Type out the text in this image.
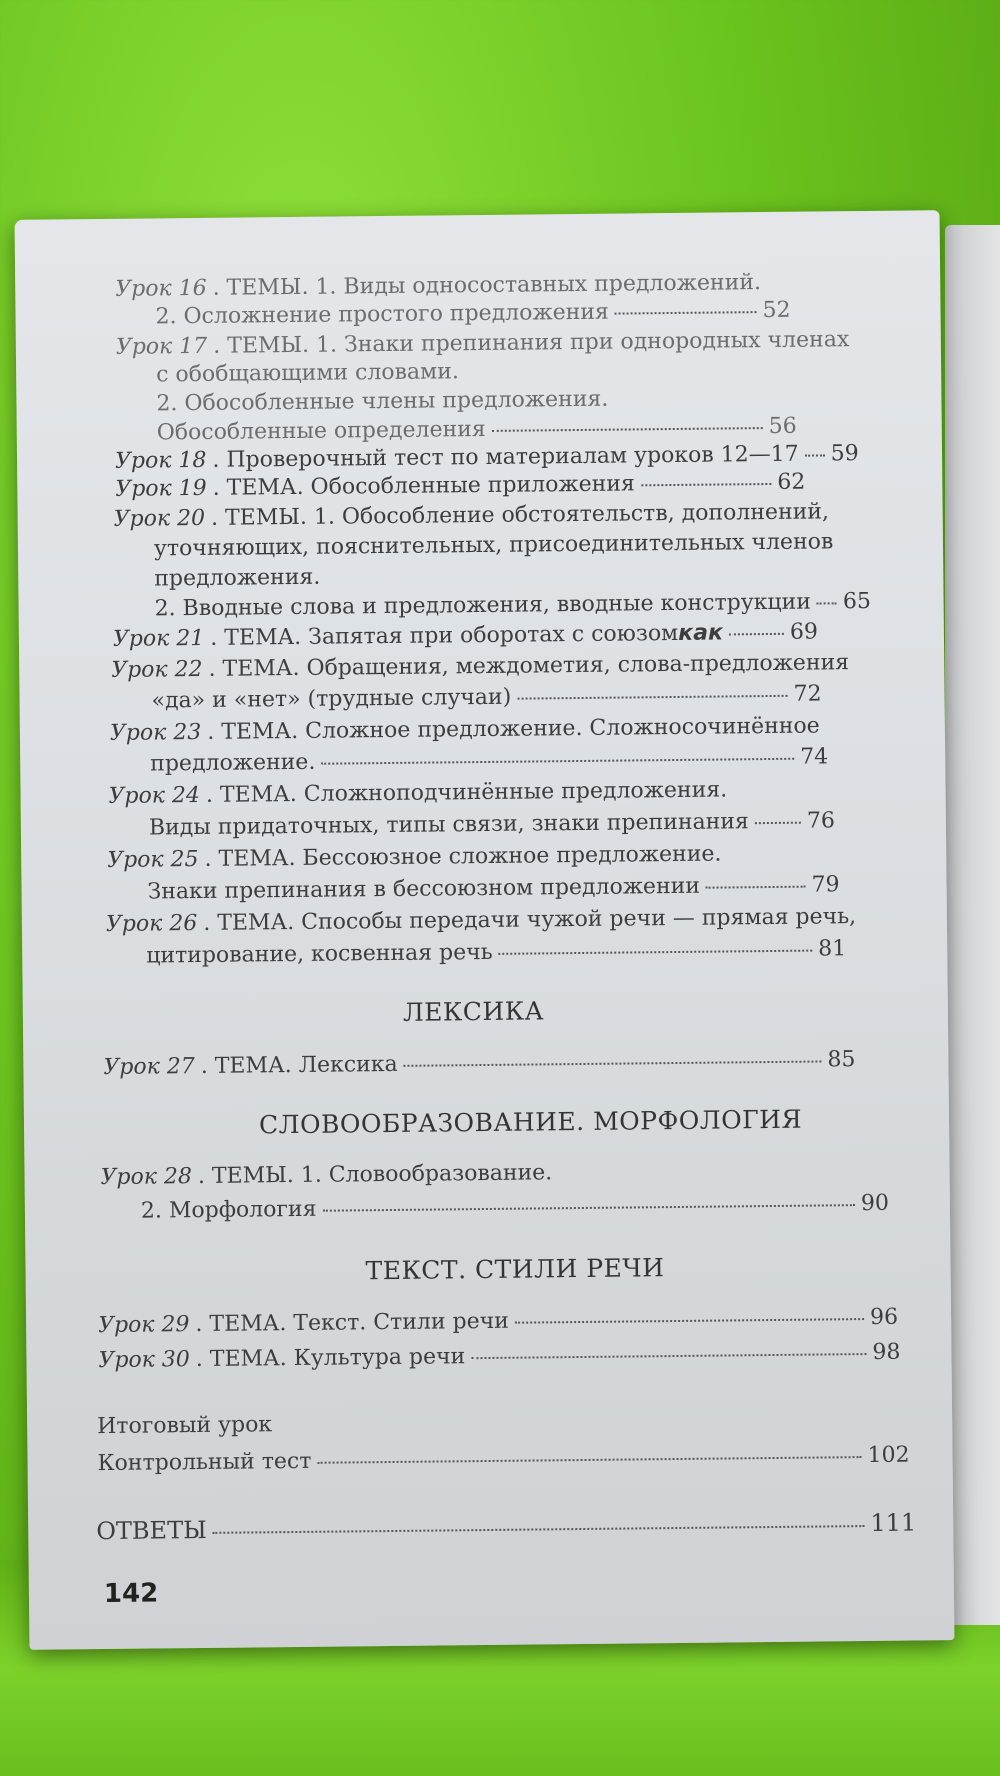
Урок 16 . ТЕМЫ. 1. Виды односоставных предложений.
2. Осложнение простого предложения	52
Урок 17 . ТЕМЫ. 1. Знаки препинания при однородных членах
с обобщающими словами.
2. Обособленные члены предложения.
Обособленные определения	56
Урок 18 . Проверочный тест по материалам уроков 12—17 59
Урок 19 . ТЕМА. Обособленные приложения	62
Урок 20 . ТЕМЫ. 1. Обособление обстоятельств, дополнений,
уточняющих, пояснительных, присоединительных членов
предложения.
2. Вводные слова и предложения, вводные конструкции 65
Урок 21 . ТЕМА. Запятая при оборотах с союзом как	69
Урок 22 . ТЕМА. Обращения, междометия, слова-предложения
«да» и «нет» (трудные случаи)	72
Урок 23 . ТЕМА. Сложное предложение. Сложносочинённое
предложение.	74
Урок 24 . ТЕМА. Сложноподчинённые предложения.
Виды придаточных, типы связи, знаки препинания	76
Урок 25 . ТЕМА. Бессоюзное сложное предложение.
Знаки препинания в бессоюзном предложении	79
Урок 26 . ТЕМА. Способы передачи чужой речи — прямая речь,
цитирование, косвенная речь	81
ЛЕКСИКА
Урок 27 . ТЕМА. Лексика	85
СЛОВООБРАЗОВАНИЕ. МОРФОЛОГИЯ
Урок 28 . ТЕМЫ. 1. Словообразование.
2. Морфология	90
ТЕКСТ. СТИЛИ РЕЧИ
Урок 29 . ТЕМА. Текст. Стили речи	96
Урок 30 . ТЕМА. Культура речи	98
Итоговый урок
Контрольный тест	102
ОТВЕТЫ	111
142
